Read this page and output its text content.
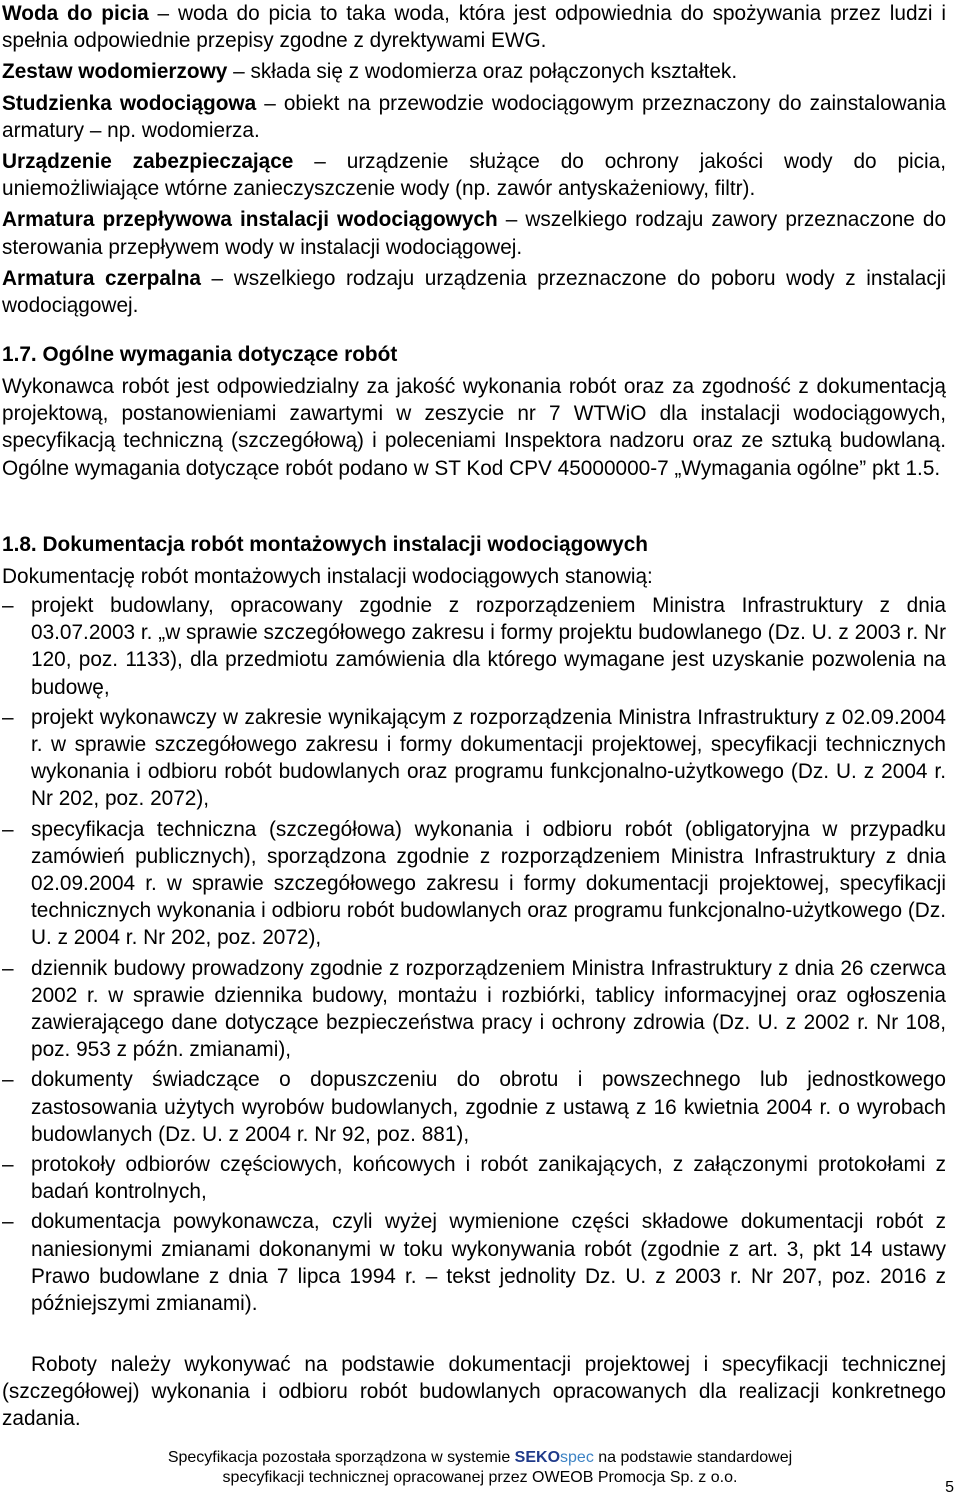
Woda do picia – woda do picia to taka woda, która jest odpowiednia do spożywania przez ludzi i spełnia odpowiednie przepisy zgodne z dyrektywami EWG.

Zestaw wodomierzowy – składa się z wodomierza oraz połączonych kształtek.

Studzienka wodociągowa – obiekt na przewodzie wodociągowym przeznaczony do zainstalowania armatury – np. wodomierza.

Urządzenie zabezpieczające – urządzenie służące do ochrony jakości wody do picia, uniemożliwiające wtórne zanieczyszczenie wody (np. zawór antyskażeniowy, filtr).

Armatura przepływowa instalacji wodociągowych – wszelkiego rodzaju zawory przeznaczone do sterowania przepływem wody w instalacji wodociągowej.

Armatura czerpalna – wszelkiego rodzaju urządzenia przeznaczone do poboru wody z instalacji wodociągowej.

1.7. Ogólne wymagania dotyczące robót

Wykonawca robót jest odpowiedzialny za jakość wykonania robót oraz za zgodność z dokumentacją projektową, postanowieniami zawartymi w zeszycie nr 7 WTWiO dla instalacji wodociągowych, specyfikacją techniczną (szczegółową) i poleceniami Inspektora nadzoru oraz ze sztuką budowlaną. Ogólne wymagania dotyczące robót podano w ST Kod CPV 45000000-7 „Wymagania ogólne” pkt 1.5.

1.8. Dokumentacja robót montażowych instalacji wodociągowych

Dokumentację robót montażowych instalacji wodociągowych stanowią:

– projekt budowlany, opracowany zgodnie z rozporządzeniem Ministra Infrastruktury z dnia 03.07.2003 r. „w sprawie szczegółowego zakresu i formy projektu budowlanego (Dz. U. z 2003 r. Nr 120, poz. 1133), dla przedmiotu zamówienia dla którego wymagane jest uzyskanie pozwolenia na budowę,
– projekt wykonawczy w zakresie wynikającym z rozporządzenia Ministra Infrastruktury z 02.09.2004 r. w sprawie szczegółowego zakresu i formy dokumentacji projektowej, specyfikacji technicznych wykonania i odbioru robót budowlanych oraz programu funkcjonalno-użytkowego (Dz. U. z 2004 r. Nr 202, poz. 2072),
– specyfikacja techniczna (szczegółowa) wykonania i odbioru robót (obligatoryjna w przypadku zamówień publicznych), sporządzona zgodnie z rozporządzeniem Ministra Infrastruktury z dnia 02.09.2004 r. w sprawie szczegółowego zakresu i formy dokumentacji projektowej, specyfikacji technicznych wykonania i odbioru robót budowlanych oraz programu funkcjonalno-użytkowego (Dz. U. z 2004 r. Nr 202, poz. 2072),
– dziennik budowy prowadzony zgodnie z rozporządzeniem Ministra Infrastruktury z dnia 26 czerwca 2002 r. w sprawie dziennika budowy, montażu i rozbiórki, tablicy informacyjnej oraz ogłoszenia zawierającego dane dotyczące bezpieczeństwa pracy i ochrony zdrowia (Dz. U. z 2002 r. Nr 108, poz. 953 z późn. zmianami),
– dokumenty świadczące o dopuszczeniu do obrotu i powszechnego lub jednostkowego zastosowania użytych wyrobów budowlanych, zgodnie z ustawą z 16 kwietnia 2004 r. o wyrobach budowlanych (Dz. U. z 2004 r. Nr 92, poz. 881),
– protokoły odbiorów częściowych, końcowych i robót zanikających, z załączonymi protokołami z badań kontrolnych,
– dokumentacja powykonawcza, czyli wyżej wymienione części składowe dokumentacji robót z naniesionymi zmianami dokonanymi w toku wykonywania robót (zgodnie z art. 3, pkt 14 ustawy Prawo budowlane z dnia 7 lipca 1994 r. – tekst jednolity Dz. U. z 2003 r. Nr 207, poz. 2016 z późniejszymi zmianami).

Roboty należy wykonywać na podstawie dokumentacji projektowej i specyfikacji technicznej (szczegółowej) wykonania i odbioru robót budowlanych opracowanych dla realizacji konkretnego zadania.

Specyfikacja pozostała sporządzona w systemie SEKOspec na podstawie standardowej
specyfikacji technicznej opracowanej przez OWEOB Promocja Sp. z o.o.
5
